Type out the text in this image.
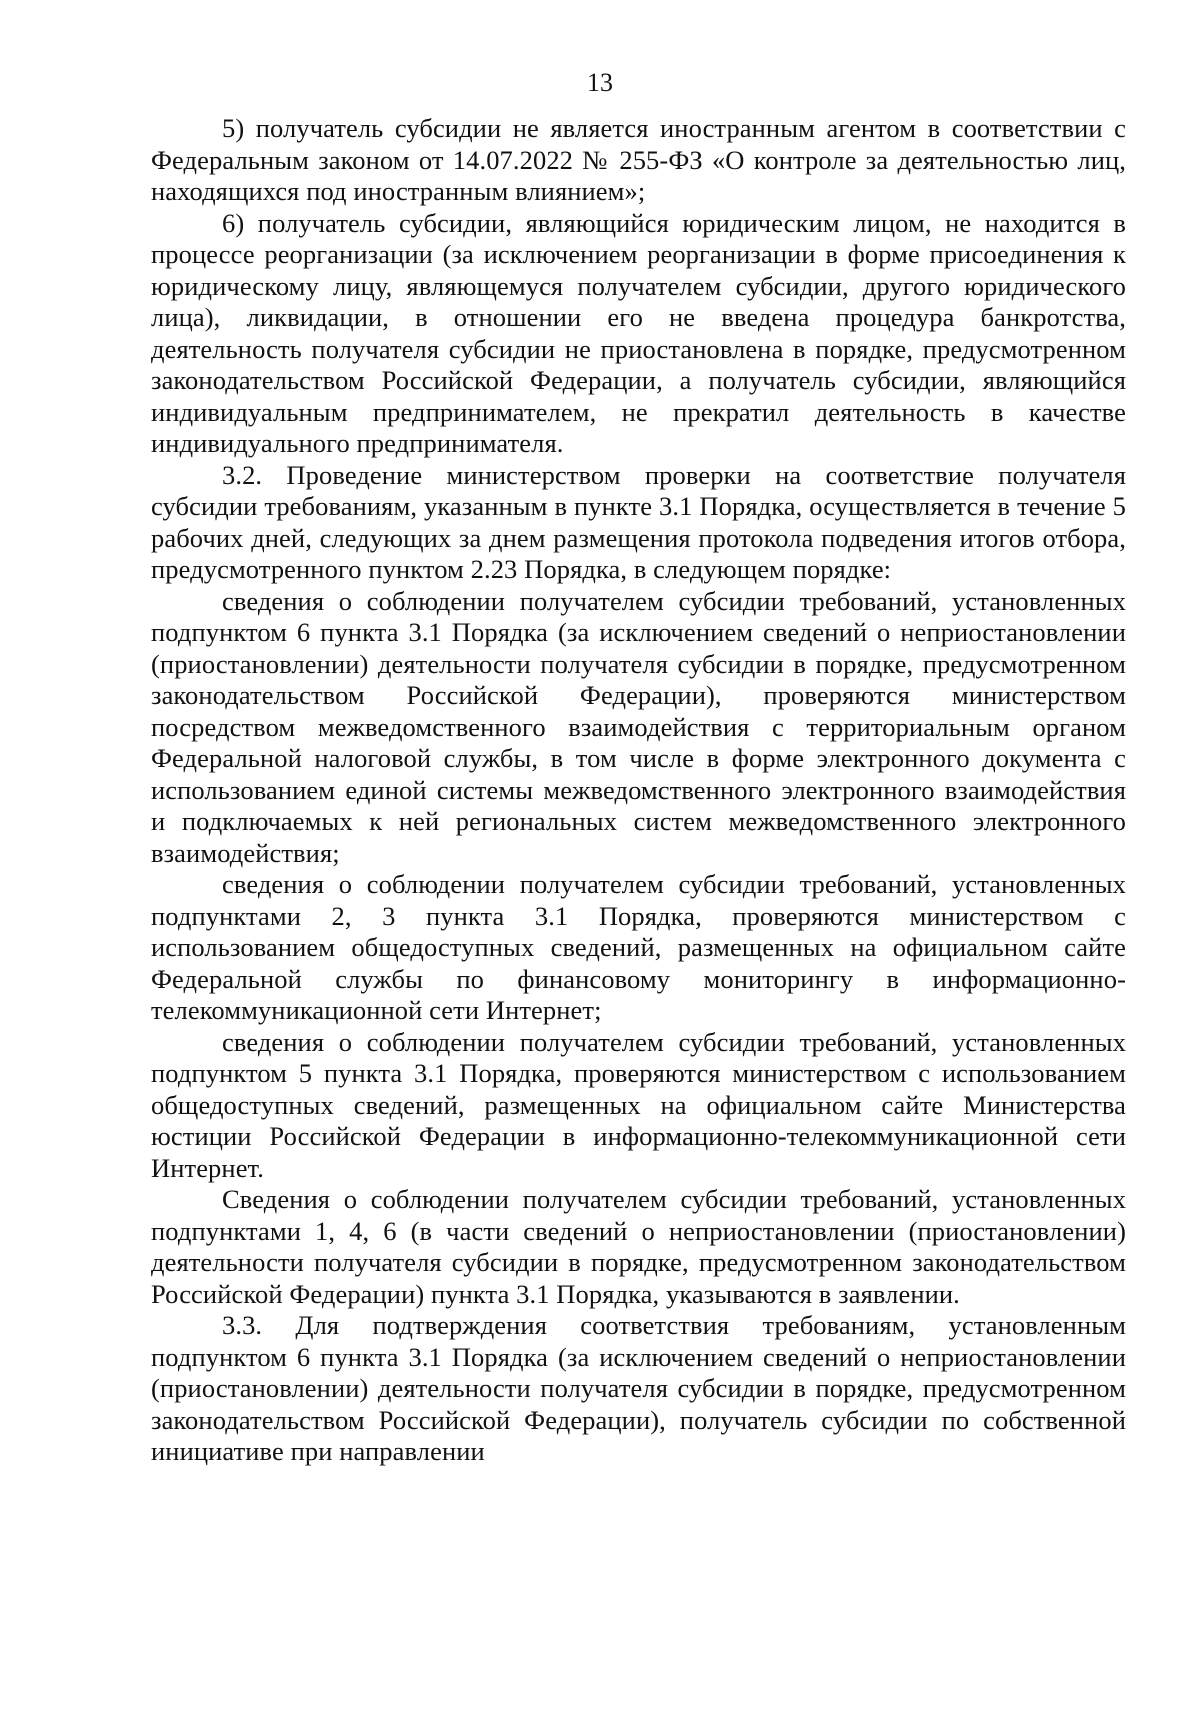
13

5) получатель субсидии не является иностранным агентом в соответствии с Федеральным законом от 14.07.2022 № 255-ФЗ «О контроле за деятельностью лиц, находящихся под иностранным влиянием»;

6) получатель субсидии, являющийся юридическим лицом, не находится в процессе реорганизации (за исключением реорганизации в форме присоединения к юридическому лицу, являющемуся получателем субсидии, другого юридического лица), ликвидации, в отношении его не введена процедура банкротства, деятельность получателя субсидии не приостановлена в порядке, предусмотренном законодательством Российской Федерации, а получатель субсидии, являющийся индивидуальным предпринимателем, не прекратил деятельность в качестве индивидуального предпринимателя.

3.2. Проведение министерством проверки на соответствие получателя субсидии требованиям, указанным в пункте 3.1 Порядка, осуществляется в течение 5 рабочих дней, следующих за днем размещения протокола подведения итогов отбора, предусмотренного пунктом 2.23 Порядка, в следующем порядке:

сведения о соблюдении получателем субсидии требований, установленных подпунктом 6 пункта 3.1 Порядка (за исключением сведений о неприостановлении (приостановлении) деятельности получателя субсидии в порядке, предусмотренном законодательством Российской Федерации), проверяются министерством посредством межведомственного взаимодействия с территориальным органом Федеральной налоговой службы, в том числе в форме электронного документа с использованием единой системы межведомственного электронного взаимодействия и подключаемых к ней региональных систем межведомственного электронного взаимодействия;

сведения о соблюдении получателем субсидии требований, установленных подпунктами 2, 3 пункта 3.1 Порядка, проверяются министерством с использованием общедоступных сведений, размещенных на официальном сайте Федеральной службы по финансовому мониторингу в информационно-телекоммуникационной сети Интернет;

сведения о соблюдении получателем субсидии требований, установленных подпунктом 5 пункта 3.1 Порядка, проверяются министерством с использованием общедоступных сведений, размещенных на официальном сайте Министерства юстиции Российской Федерации в информационно-телекоммуникационной сети Интернет.

Сведения о соблюдении получателем субсидии требований, установленных подпунктами 1, 4, 6 (в части сведений о неприостановлении (приостановлении) деятельности получателя субсидии в порядке, предусмотренном законодательством Российской Федерации) пункта 3.1 Порядка, указываются в заявлении.

3.3. Для подтверждения соответствия требованиям, установленным подпунктом 6 пункта 3.1 Порядка (за исключением сведений о неприостановлении (приостановлении) деятельности получателя субсидии в порядке, предусмотренном законодательством Российской Федерации), получатель субсидии по собственной инициативе при направлении
